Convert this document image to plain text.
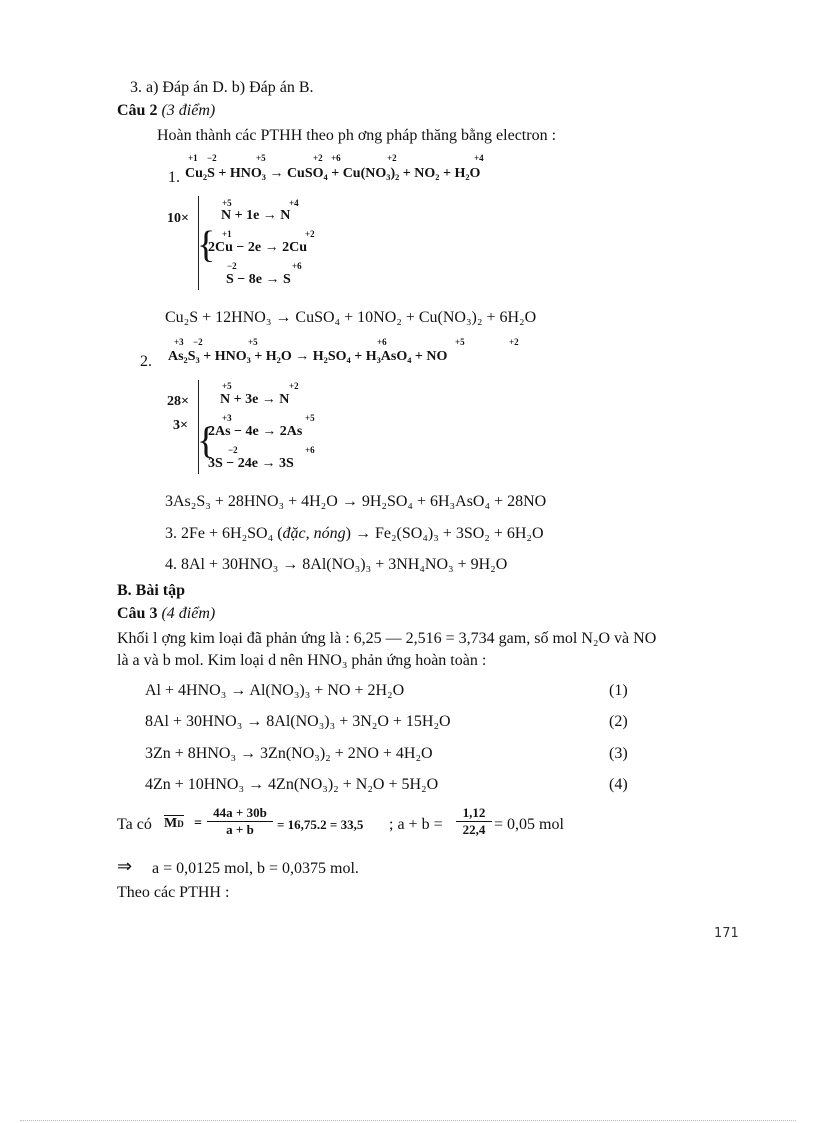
3. a) Đáp án D. b) Đáp án B.
Câu 2 (3 điểm)
Hoàn thành các PTHH theo ph ơng pháp thăng bằng electron :
1. Cu₂S + HNO₃ → CuSO₄ + Cu(NO₃)₂ + NO₂ + H₂O
+1 −2	+5	+2 +6	+2	+4
10×
{
+5	+4
N + 1e → N
+1	+2
2Cu − 2e → 2Cu
−2	+6
S − 8e → S
Cu₂S + 12HNO₃ → CuSO₄ + 10NO₂ + Cu(NO₃)₂ + 6H₂O
2. As₂S₃ + HNO₃ + H₂O → H₂SO₄ + H₃AsO₄ + NO
+3 −2	+5	+6	+5	+2
28×
3× {
+5	+2
N + 3e → N
+3	+5
2As − 4e → 2As
−2	+6
3S − 24e → 3S
3As₂S₃ + 28HNO₃ + 4H₂O → 9H₂SO₄ + 6H₃AsO₄ + 28NO
3. 2Fe + 6H₂SO₄ (đặc, nóng) → Fe₂(SO₄)₃ + 3SO₂ + 6H₂O
4. 8Al + 30HNO₃ → 8Al(NO₃)₃ + 3NH₄NO₃ + 9H₂O
B. Bài tập
Câu 3 (4 điểm)
Khối l ợng kim loại đã phản ứng là : 6,25 — 2,516 = 3,734 gam, số mol N₂O và NO
là a và b mol. Kim loại d nên HNO₃ phản ứng hoàn toàn :
Al + 4HNO₃ → Al(NO₃)₃ + NO + 2H₂O	(1)
8Al + 30HNO₃ → 8Al(NO₃)₃ + 3N₂O + 15H₂O	(2)
3Zn + 8HNO₃ → 3Zn(NO₃)₂ + 2NO + 4H₂O	(3)
4Zn + 10HNO₃ → 4Zn(NO₃)₂ + N₂O + 5H₂O	(4)
Ta có MD = $\frac{44a + 30b}{a + b} = 16,75.2 = 33,5$ ; $a + b = \frac{1,12}{22,4} = 0,05$ mol
⇒ a = 0,0125 mol, b = 0,0375 mol.
Theo các PTHH :
171
